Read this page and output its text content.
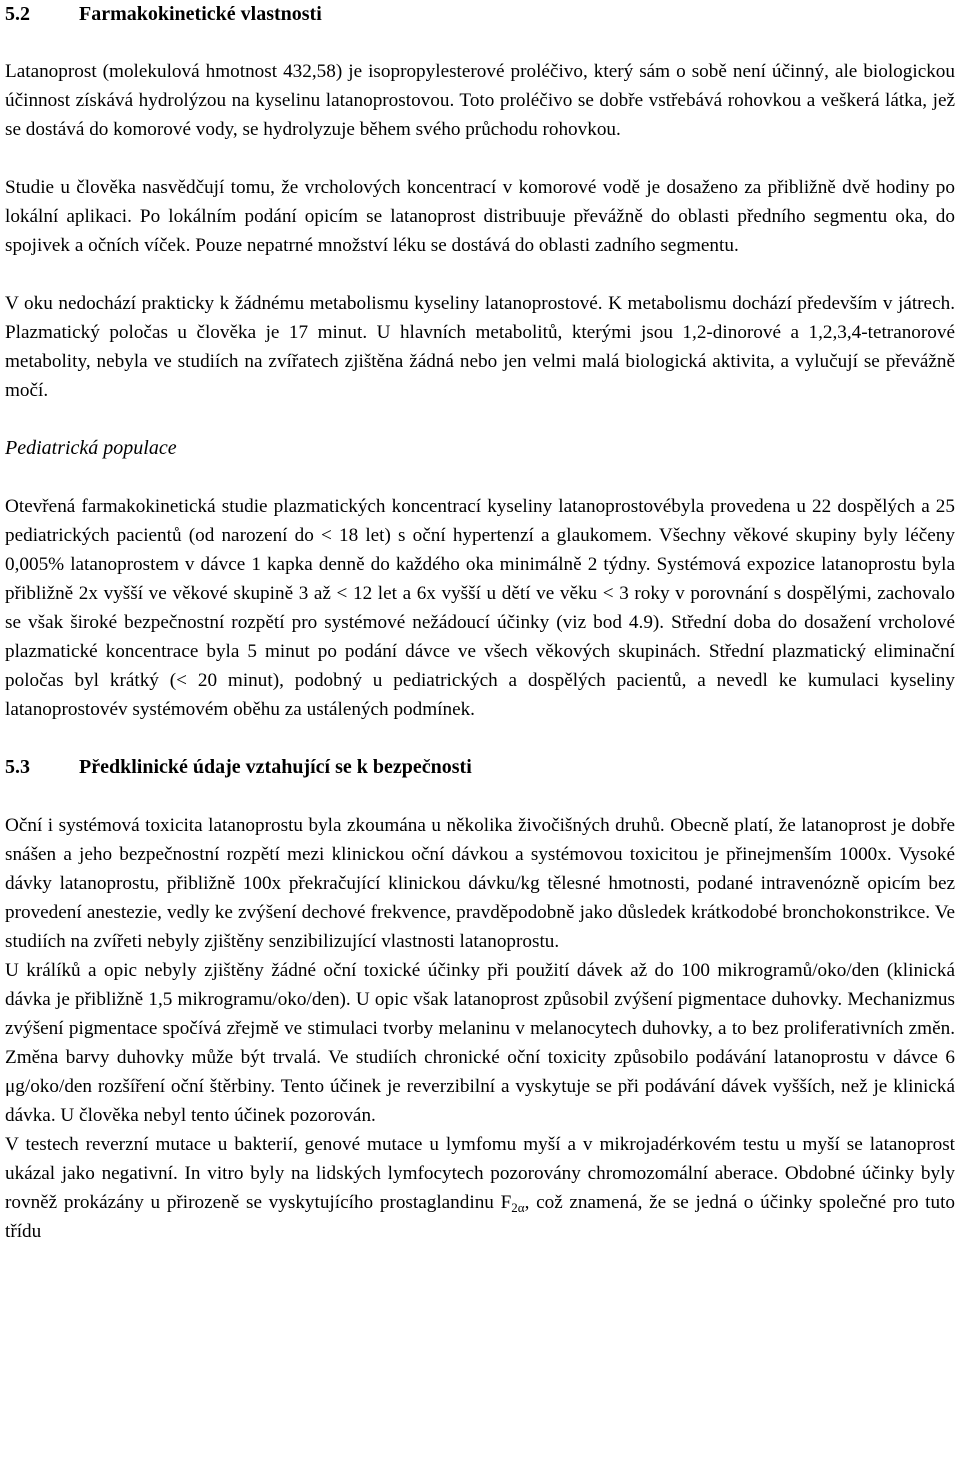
5.2 Farmakokinetické vlastnosti

Latanoprost (molekulová hmotnost 432,58) je isopropylesterové proléčivo, který sám o sobě není účinný, ale biologickou účinnost získává hydrolýzou na kyselinu latanoprostovou. Toto proléčivo se dobře vstřebává rohovkou a veškerá látka, jež se dostává do komorové vody, se hydrolyzuje během svého průchodu rohovkou.

Studie u člověka nasvědčují tomu, že vrcholových koncentrací v komorové vodě je dosaženo za přibližně dvě hodiny po lokální aplikaci. Po lokálním podání opicím se latanoprost distribuuje převážně do oblasti předního segmentu oka, do spojivek a očních víček. Pouze nepatrné množství léku se dostává do oblasti zadního segmentu.

V oku nedochází prakticky k žádnému metabolismu kyseliny latanoprostové. K metabolismu dochází především v játrech. Plazmatický poločas u člověka je 17 minut. U hlavních metabolitů, kterými jsou 1,2-dinorové a 1,2,3,4-tetranorové metabolity, nebyla ve studiích na zvířatech zjištěna žádná nebo jen velmi malá biologická aktivita, a vylučují se převážně močí.

Pediatrická populace

Otevřená farmakokinetická studie plazmatických koncentrací kyseliny latanoprostovébyla provedena u 22 dospělých a 25 pediatrických pacientů (od narození do < 18 let) s oční hypertenzí a glaukomem. Všechny věkové skupiny byly léčeny 0,005% latanoprostem v dávce 1 kapka denně do každého oka minimálně 2 týdny. Systémová expozice latanoprostu byla přibližně 2x vyšší ve věkové skupině 3 až < 12 let a 6x vyšší u dětí ve věku < 3 roky v porovnání s dospělými, zachovalo se však široké bezpečnostní rozpětí pro systémové nežádoucí účinky (viz bod 4.9). Střední doba do dosažení vrcholové plazmatické koncentrace byla 5 minut po podání dávce ve všech věkových skupinách. Střední plazmatický eliminační poločas byl krátký (< 20 minut), podobný u pediatrických a dospělých pacientů, a nevedl ke kumulaci kyseliny latanoprostovév systémovém oběhu za ustálených podmínek.

5.3 Předklinické údaje vztahující se k bezpečnosti

Oční i systémová toxicita latanoprostu byla zkoumána u několika živočišných druhů. Obecně platí, že latanoprost je dobře snášen a jeho bezpečnostní rozpětí mezi klinickou oční dávkou a systémovou toxicitou je přinejmenším 1000x. Vysoké dávky latanoprostu, přibližně 100x překračující klinickou dávku/kg tělesné hmotnosti, podané intravenózně opicím bez provedení anestezie, vedly ke zvýšení dechové frekvence, pravděpodobně jako důsledek krátkodobé bronchokonstrikce. Ve studiích na zvířeti nebyly zjištěny senzibilizující vlastnosti latanoprostu.

U králíků a opic nebyly zjištěny žádné oční toxické účinky při použití dávek až do 100 mikrogramů/oko/den (klinická dávka je přibližně 1,5 mikrogramu/oko/den). U opic však latanoprost způsobil zvýšení pigmentace duhovky. Mechanizmus zvýšení pigmentace spočívá zřejmě ve stimulaci tvorby melaninu v melanocytech duhovky, a to bez proliferativních změn. Změna barvy duhovky může být trvalá. Ve studiích chronické oční toxicity způsobilo podávání latanoprostu v dávce 6 μg/oko/den rozšíření oční štěrbiny. Tento účinek je reverzibilní a vyskytuje se při podávání dávek vyšších, než je klinická dávka. U člověka nebyl tento účinek pozorován.

V testech reverzní mutace u bakterií, genové mutace u lymfomu myší a v mikrojadérkovém testu u myší se latanoprost ukázal jako negativní. In vitro byly na lidských lymfocytech pozorovány chromozomální aberace. Obdobné účinky byly rovněž prokázány u přirozeně se vyskytujícího prostaglandinu $F_{2\alpha}$, což znamená, že se jedná o účinky společné pro tuto třídu
